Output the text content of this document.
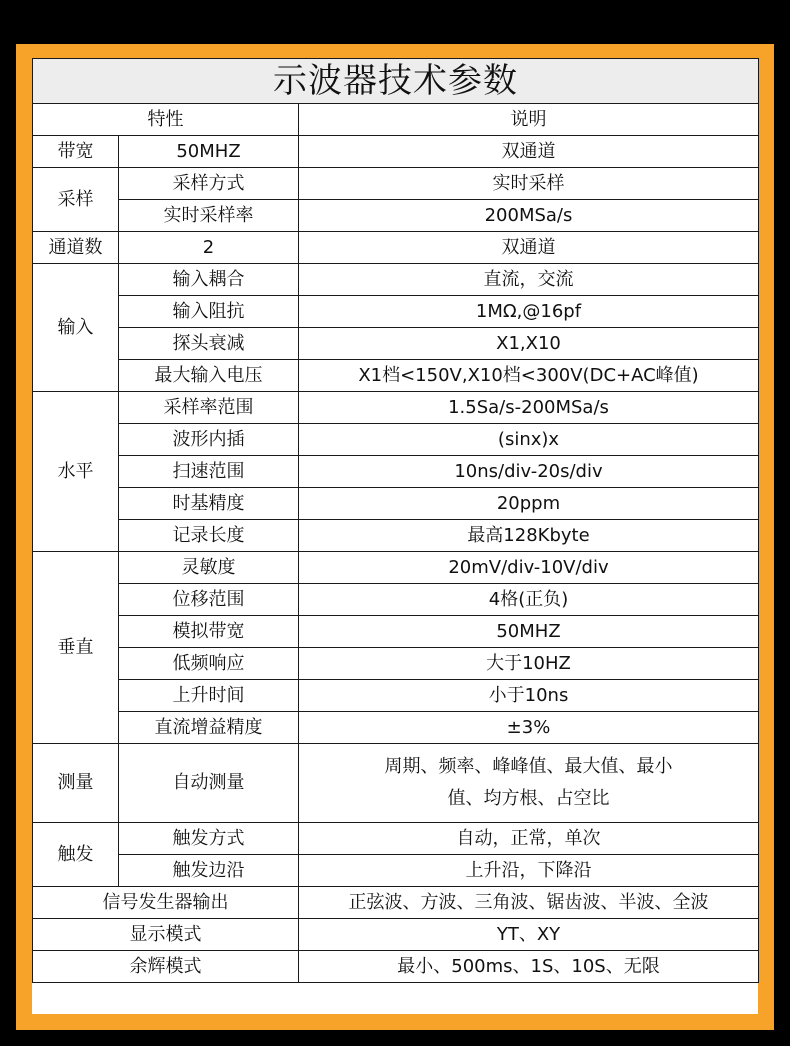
示波器技术参数		
特性		说明
带宽	50MHZ	双通道
采样	采样方式	实时采样
	实时采样率	200MSa/s
通道数	2	双通道
输入	输入耦合	直流，交流
	输入阻抗	1MΩ,@16pf
	探头衰减	X1,X10
	最大输入电压	X1档<150V,X10档<300V(DC+AC峰值)
水平	采样率范围	1.5Sa/s-200MSa/s
	波形内插	(sinx)x
	扫速范围	10ns/div-20s/div
	时基精度	20ppm
	记录长度	最高128Kbyte
垂直	灵敏度	20mV/div-10V/div
	位移范围	4格(正负)
	模拟带宽	50MHZ
	低频响应	大于10HZ
	上升时间	小于10ns
	直流增益精度	±3%
测量	自动测量	周期、频率、峰峰值、最大值、最小值、均方根、占空比
触发	触发方式	自动，正常，单次
	触发边沿	上升沿，下降沿
信号发生器输出		正弦波、方波、三角波、锯齿波、半波、全波
显示模式		YT、XY
余辉模式		最小、500ms、1S、10S、无限
